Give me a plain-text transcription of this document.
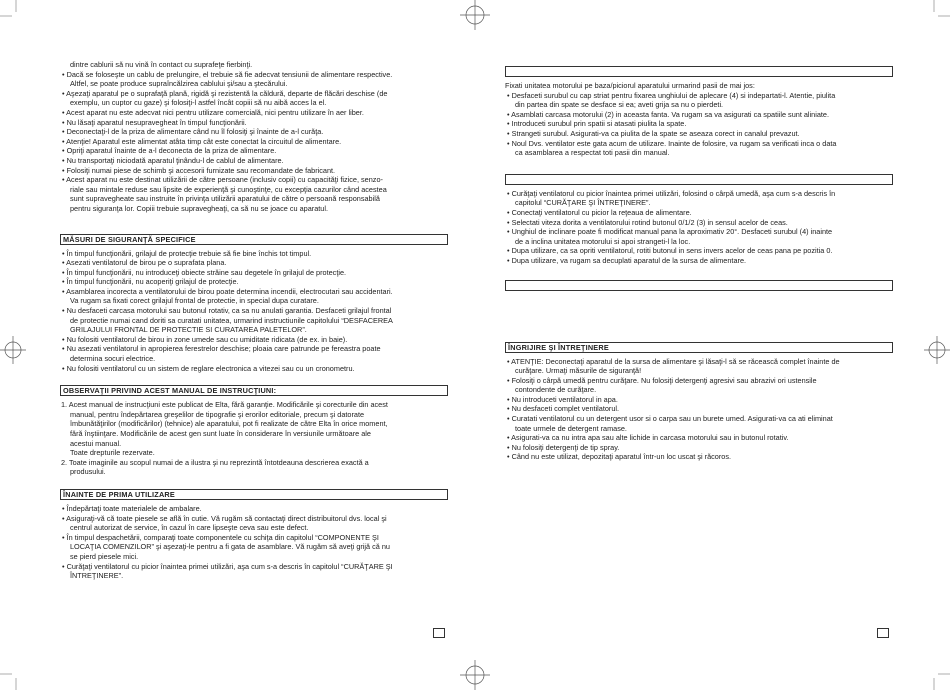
dintre cablurii să nu vină în contact cu suprafeţe fierbinţi.

• Dacă se foloseşte un cablu de prelungire, el trebuie să fie adecvat tensiunii de alimentare respective.

Altfel, se poate produce supraîncălzirea cablului şi/sau a ştecărului.

• Aşezaţi aparatul pe o suprafaţă plană, rigidă şi rezistentă la căldură, departe de flăcări deschise (de

exemplu, un cuptor cu gaze) şi folosiţi-l astfel încât copiii să nu aibă acces la el.

• Acest aparat nu este adecvat nici pentru utilizare comercială, nici pentru utilizare în aer liber.

• Nu lăsaţi aparatul nesupravegheat în timpul funcţionării.

• Deconectaţi-l de la priza de alimentare când nu îl folosiţi şi înainte de a-l curăţa.

• Atenţie! Aparatul este alimentat atâta timp cât este conectat la circuitul de alimentare.

• Opriţi aparatul înainte de a-l deconecta de la priza de alimentare.

• Nu transportaţi niciodată aparatul ţinându-l de cablul de alimentare.

• Folosiţi numai piese de schimb şi accesorii furnizate sau recomandate de fabricant.

• Acest aparat nu este destinat utilizării de către persoane (inclusiv copii) cu capacităţi fizice, senzo-

riale sau mintale reduse sau lipsite de experienţă şi cunoştinţe, cu excepţia cazurilor când acestea

sunt supravegheate sau instruite în privinţa utilizării aparatului de către o persoană responsabilă

pentru siguranţa lor. Copiii trebuie supravegheaţi, ca să nu se joace cu aparatul.

MĂSURI DE SIGURANŢĂ SPECIFICE

• În timpul funcţionării, grilajul de protecţie trebuie să fie bine închis tot timpul.

• Asezati ventilatorul de birou pe o suprafata plana.

• În timpul funcţionării, nu introduceţi obiecte străine sau degetele în grilajul de protecţie.

• În timpul funcţionării, nu acoperiţi grilajul de protecţie.

• Asamblarea incorecta a ventilatorului de birou poate determina incendii, electrocutari sau accidentari.

Va rugam sa fixati corect grilajul frontal de protectie, in special dupa curatare.

• Nu desfaceti carcasa motorului sau butonul rotativ, ca sa nu anulati garantia. Desfaceti grilajul frontal

de protectie numai cand doriti sa curatati unitatea, urmarind instructiunile capitolului “DESFACEREA

GRILAJULUI FRONTAL DE PROTECTIE SI CURATAREA PALETELOR”.

• Nu folositi ventilatorul de birou in zone umede sau cu umiditate ridicata (de ex. in baie).

• Nu asezati ventilatorul in apropierea ferestrelor deschise; ploaia care patrunde pe fereastra poate

determina socuri electrice.

• Nu folositi ventilatorul cu un sistem de reglare electronica a vitezei sau cu un cronometru.

OBSERVAŢII PRIVIND ACEST MANUAL DE INSTRUCŢIUNI:

1. Acest manual de instrucţiuni este publicat de Elta, fără garanţie. Modificările şi corecturile din acest

manual, pentru îndepărtarea greşelilor de tipografie şi erorilor editoriale, precum şi datorate

îmbunătăţirilor (modificărilor) (tehnice) ale aparatului, pot fi realizate de către Elta în orice moment,

fără înştiinţare. Modificările de acest gen sunt luate în considerare în versiunile următoare ale

acestui manual.

Toate drepturile rezervate.

2. Toate imaginile au scopul numai de a ilustra şi nu reprezintă întotdeauna descrierea exactă a

produsului.

ÎNAINTE DE PRIMA UTILIZARE

• Îndepărtaţi toate materialele de ambalare.

• Asiguraţi-vă că toate piesele se află în cutie. Vă rugăm să contactaţi direct distribuitorul dvs. local şi

centrul autorizat de service, în cazul în care lipseşte ceva sau este defect.

• În timpul despachetării, comparaţi toate componentele cu schiţa din capitolul “COMPONENTE ŞI

LOCAŢIA COMENZILOR” şi aşezaţi-le pentru a fi gata de asamblare. Vă rugăm să aveţi grijă că nu

se pierd piesele mici.

• Curăţaţi ventilatorul cu picior înaintea primei utilizări, aşa cum s-a descris în capitolul “CURĂŢARE ŞI

ÎNTREŢINERE”.

Fixati unitatea motorului pe baza/piciorul aparatului urmarind pasii de mai jos:

• Desfaceti surubul cu cap striat pentru fixarea unghiului de aplecare (4) si indepartati-l. Atentie, piulita

din partea din spate se desface si ea; aveti grija sa nu o pierdeti.

• Asamblati carcasa motorului (2) in aceasta fanta. Va rugam sa va asigurati ca spatiile sunt aliniate.

• Introduceti surubul prin spatii si atasati piulita la spate.

• Strangeti surubul. Asigurati-va ca piulita de la spate se aseaza corect in canalul prevazut.

• Noul Dvs. ventilator este gata acum de utilizare. Inainte de folosire, va rugam sa verificati inca o data

ca asamblarea a respectat toti pasii din manual.

• Curăţaţi ventilatorul cu picior înaintea primei utilizări, folosind o cârpă umedă, aşa cum s-a descris în

capitolul “CURĂŢARE ŞI ÎNTREŢINERE”.

• Conectaţi ventilatorul cu picior la reţeaua de alimentare.

• Selectati viteza dorita a ventilatorului rotind butonul 0/1/2 (3) in sensul acelor de ceas.

• Unghiul de inclinare poate fi modificat manual pana la aproximativ 20°. Desfaceti surubul (4) inainte

de a inclina unitatea motorului si apoi strangeti-l la loc.

• Dupa utilizare, ca sa opriti ventilatorul, rotiti butonul in sens invers acelor de ceas pana pe pozitia 0.

• Dupa utilizare, va rugam sa decuplati aparatul de la sursa de alimentare.

ÎNGRIJIRE ŞI ÎNTREŢINERE

• ATENŢIE: Deconectaţi aparatul de la sursa de alimentare şi lăsaţi-l să se răcească complet înainte de

curăţare. Urmaţi măsurile de siguranţă!

• Folosiţi o cârpă umedă pentru curăţare. Nu folosiţi detergenţi agresivi sau abrazivi ori ustensile

contondente de curăţare.

• Nu introduceti ventilatorul in apa.

• Nu desfaceti complet ventilatorul.

• Curatati ventilatorul cu un detergent usor si o carpa sau un burete umed. Asigurati-va ca ati eliminat

toate urmele de detergent ramase.

• Asigurati-va ca nu intra apa sau alte lichide in carcasa motorului sau in butonul rotativ.

• Nu folosiţi detergenţi de tip spray.

• Când nu este utilizat, depozitaţi aparatul într-un loc uscat şi răcoros.
